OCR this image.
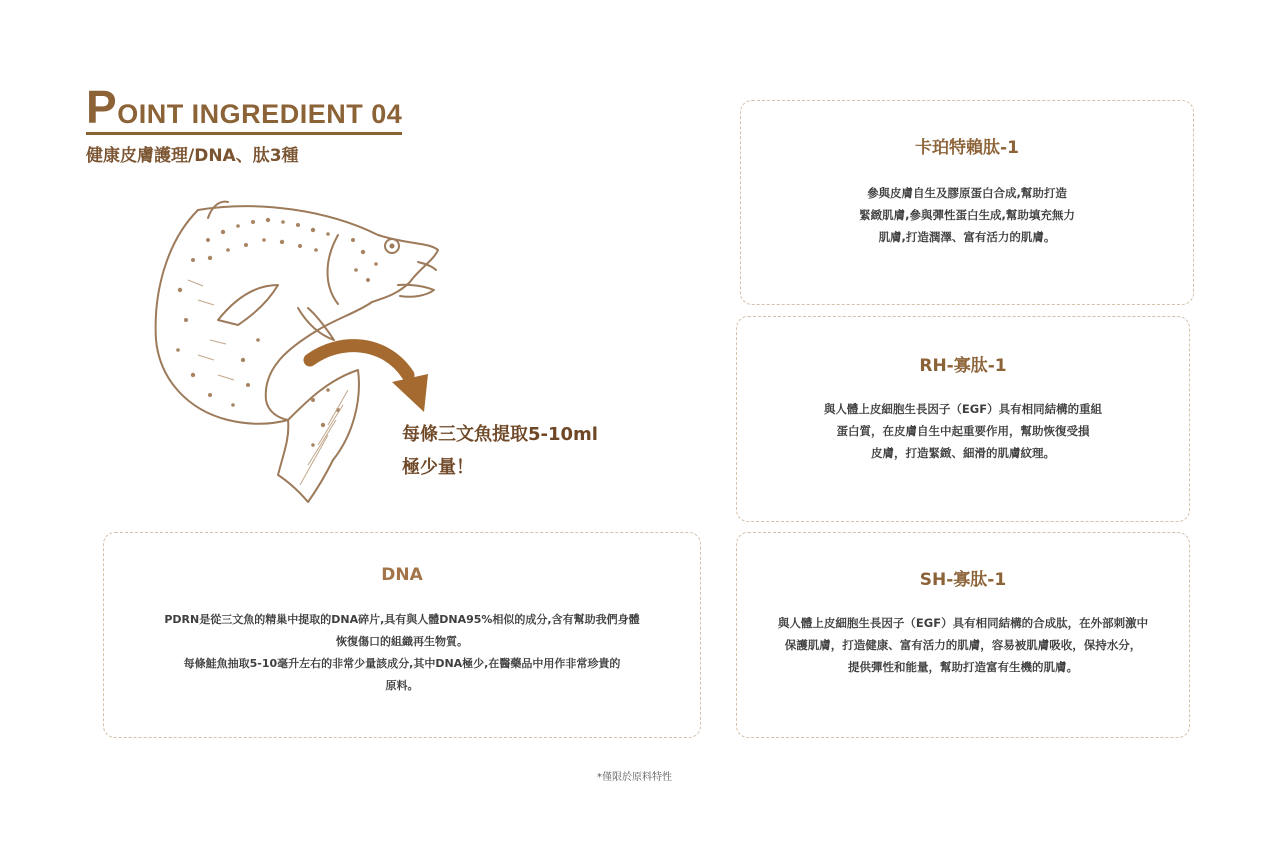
POINT INGREDIENT 04
健康皮膚護理/DNA、肽3種
每條三文魚提取5-10ml
極少量！
卡珀特賴肽-1

參與皮膚自生及膠原蛋白合成,幫助打造

緊緻肌膚,參與彈性蛋白生成,幫助填充無力

肌膚,打造潤澤、富有活力的肌膚。

RH-寡肽-1

與人體上皮細胞生長因子（EGF）具有相同結構的重組

蛋白質，在皮膚自生中起重要作用，幫助恢復受損

皮膚，打造緊緻、細滑的肌膚紋理。

SH-寡肽-1

與人體上皮細胞生長因子（EGF）具有相同結構的合成肽，在外部刺激中

保護肌膚，打造健康、富有活力的肌膚，容易被肌膚吸收，保持水分，

提供彈性和能量，幫助打造富有生機的肌膚。

DNA

PDRN是從三文魚的精巢中提取的DNA碎片,具有與人體DNA95%相似的成分,含有幫助我們身體

恢復傷口的組織再生物質。

每條鮭魚抽取5-10毫升左右的非常少量該成分,其中DNA極少,在醫藥品中用作非常珍貴的

原料。

*僅限於原料特性
